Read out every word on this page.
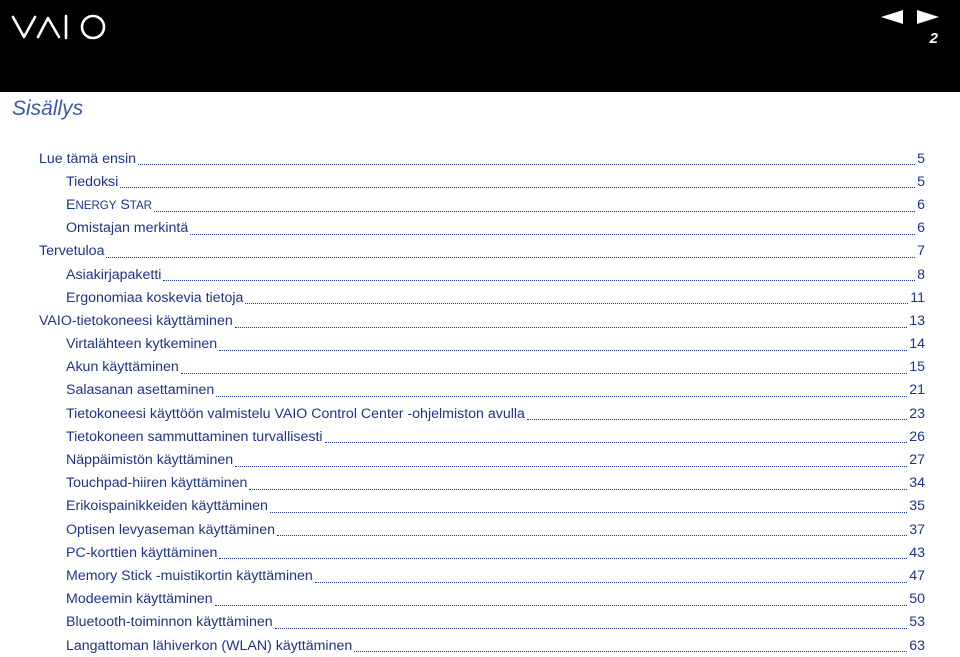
2
Sisällys
Lue tämä ensin	5
Tiedoksi	5
ENERGY STAR	6
Omistajan merkintä	6
Tervetuloa	7
Asiakirjapaketti	8
Ergonomiaa koskevia tietoja	11
VAIO-tietokoneesi käyttäminen	13
Virtalähteen kytkeminen	14
Akun käyttäminen	15
Salasanan asettaminen	21
Tietokoneesi käyttöön valmistelu VAIO Control Center -ohjelmiston avulla	23
Tietokoneen sammuttaminen turvallisesti	26
Näppäimistön käyttäminen	27
Touchpad-hiiren käyttäminen	34
Erikoispainikkeiden käyttäminen	35
Optisen levyaseman käyttäminen	37
PC-korttien käyttäminen	43
Memory Stick -muistikortin käyttäminen	47
Modeemin käyttäminen	50
Bluetooth-toiminnon käyttäminen	53
Langattoman lähiverkon (WLAN) käyttäminen	63
